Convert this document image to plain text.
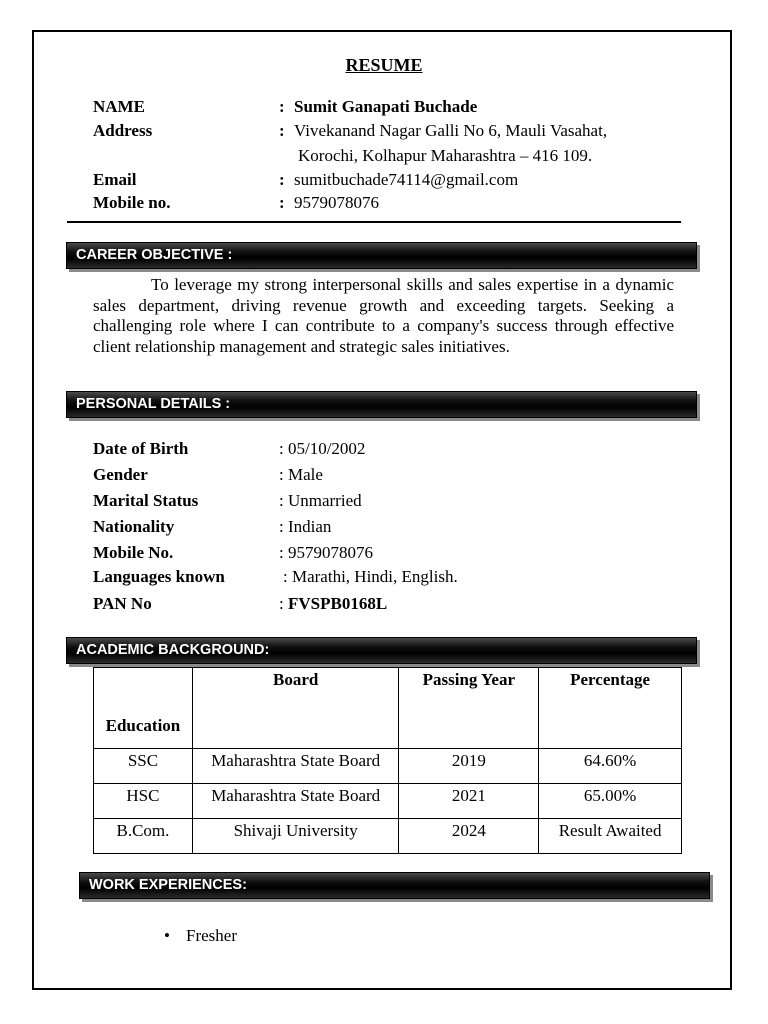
RESUME
NAME	: Sumit Ganapati Buchade
Address	: Vivekanand Nagar Galli No 6, Mauli Vasahat,
Korochi, Kolhapur Maharashtra – 416 109.
Email	: sumitbuchade74114@gmail.com
Mobile no.	: 9579078076
CAREER OBJECTIVE :
To leverage my strong interpersonal skills and sales expertise in a dynamic sales department, driving revenue growth and exceeding targets. Seeking a challenging role where I can contribute to a company's success through effective client relationship management and strategic sales initiatives.
PERSONAL DETAILS :
Date of Birth	: 05/10/2002
Gender	: Male
Marital Status	: Unmarried
Nationality	: Indian
Mobile No.	: 9579078076
Languages known	: Marathi, Hindi, English.
PAN No	: FVSPB0168L
ACADEMIC BACKGROUND:
Education	Board	Passing Year	Percentage
SSC	Maharashtra State Board	2019	64.60%
HSC	Maharashtra State Board	2021	65.00%
B.Com.	Shivaji University	2024	Result Awaited
WORK EXPERIENCES:
• Fresher
